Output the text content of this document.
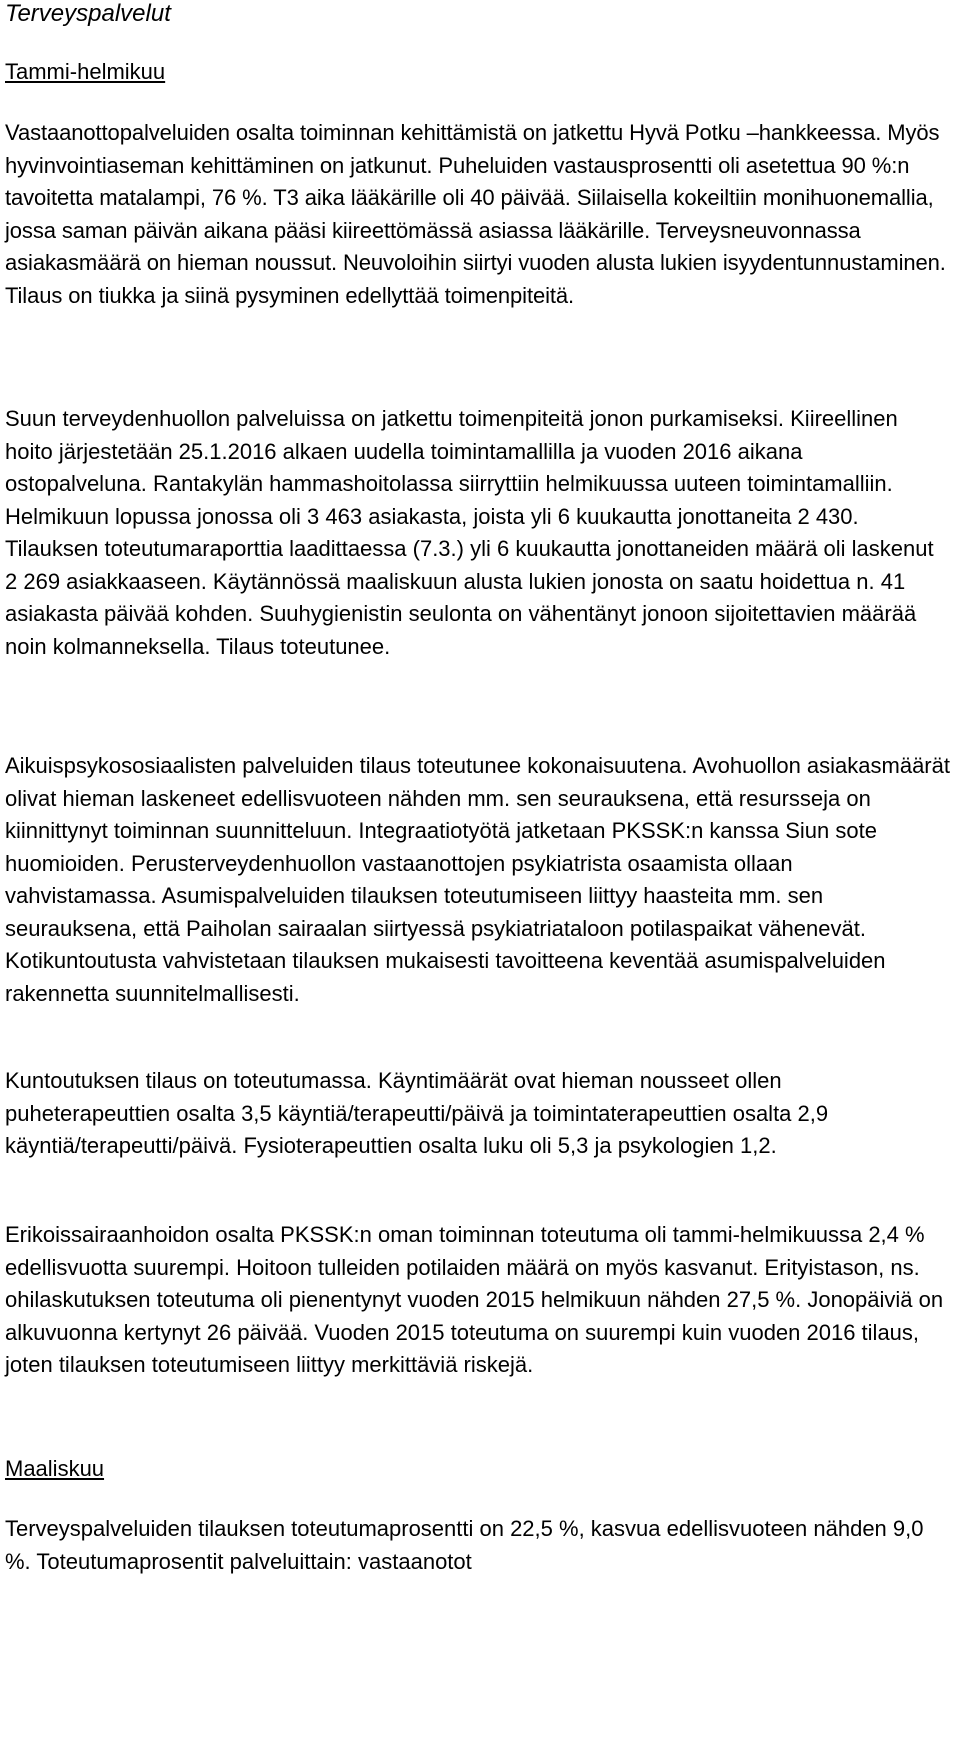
Terveyspalvelut
Tammi-helmikuu

Vastaanottopalveluiden osalta toiminnan kehittämistä on jatkettu Hyvä Potku –hankkeessa. Myös hyvinvointiaseman kehittäminen on jatkunut. Puheluiden vastausprosentti oli asetettua 90 %:n tavoitetta matalampi, 76 %. T3 aika lääkärille oli 40 päivää. Siilaisella kokeiltiin monihuonemallia, jossa saman päivän aikana pääsi kiireettömässä asiassa lääkärille. Terveysneuvonnassa asiakasmäärä on hieman noussut. Neuvoloihin siirtyi vuoden alusta lukien isyydentunnustaminen. Tilaus on tiukka ja siinä pysyminen edellyttää toimenpiteitä.

Suun terveydenhuollon palveluissa on jatkettu toimenpiteitä jonon purkamiseksi. Kiireellinen hoito järjestetään 25.1.2016 alkaen uudella toimintamallilla ja vuoden 2016 aikana ostopalveluna. Rantakylän hammashoitolassa siirryttiin helmikuussa uuteen toimintamalliin. Helmikuun lopussa jonossa oli 3 463 asiakasta, joista yli 6 kuukautta jonottaneita 2 430. Tilauksen toteutumaraporttia laadittaessa (7.3.) yli 6 kuukautta jonottaneiden määrä oli laskenut 2 269 asiakkaaseen. Käytännössä maaliskuun alusta lukien jonosta on saatu hoidettua n. 41 asiakasta päivää kohden. Suuhygienistin seulonta on vähentänyt jonoon sijoitettavien määrää noin kolmanneksella. Tilaus toteutunee.

Aikuispsykososiaalisten palveluiden tilaus toteutunee kokonaisuutena. Avohuollon asiakasmäärät olivat hieman laskeneet edellisvuoteen nähden mm. sen seurauksena, että resursseja on kiinnittynyt toiminnan suunnitteluun. Integraatiotyötä jatketaan PKSSK:n kanssa Siun sote huomioiden. Perusterveydenhuollon vastaanottojen psykiatrista osaamista ollaan vahvistamassa. Asumispalveluiden tilauksen toteutumiseen liittyy haasteita mm. sen seurauksena, että Paiholan sairaalan siirtyessä psykiatriataloon potilaspaikat vähenevät. Kotikuntoutusta vahvistetaan tilauksen mukaisesti tavoitteena keventää asumispalveluiden rakennetta suunnitelmallisesti.

Kuntoutuksen tilaus on toteutumassa. Käyntimäärät ovat hieman nousseet ollen puheterapeuttien osalta 3,5 käyntiä/terapeutti/päivä ja toimintaterapeuttien osalta 2,9 käyntiä/terapeutti/päivä. Fysioterapeuttien osalta luku oli 5,3 ja psykologien 1,2.

Erikoissairaanhoidon osalta PKSSK:n oman toiminnan toteutuma oli tammi-helmikuussa 2,4 % edellisvuotta suurempi. Hoitoon tulleiden potilaiden määrä on myös kasvanut. Erityistason, ns. ohilaskutuksen toteutuma oli pienentynyt vuoden 2015 helmikuun nähden 27,5 %. Jonopäiviä on alkuvuonna kertynyt 26 päivää. Vuoden 2015 toteutuma on suurempi kuin vuoden 2016 tilaus, joten tilauksen toteutumiseen liittyy merkittäviä riskejä.

Maaliskuu

Terveyspalveluiden tilauksen toteutumaprosentti on 22,5 %, kasvua edellisvuoteen nähden 9,0 %. Toteutumaprosentit palveluittain: vastaanotot
